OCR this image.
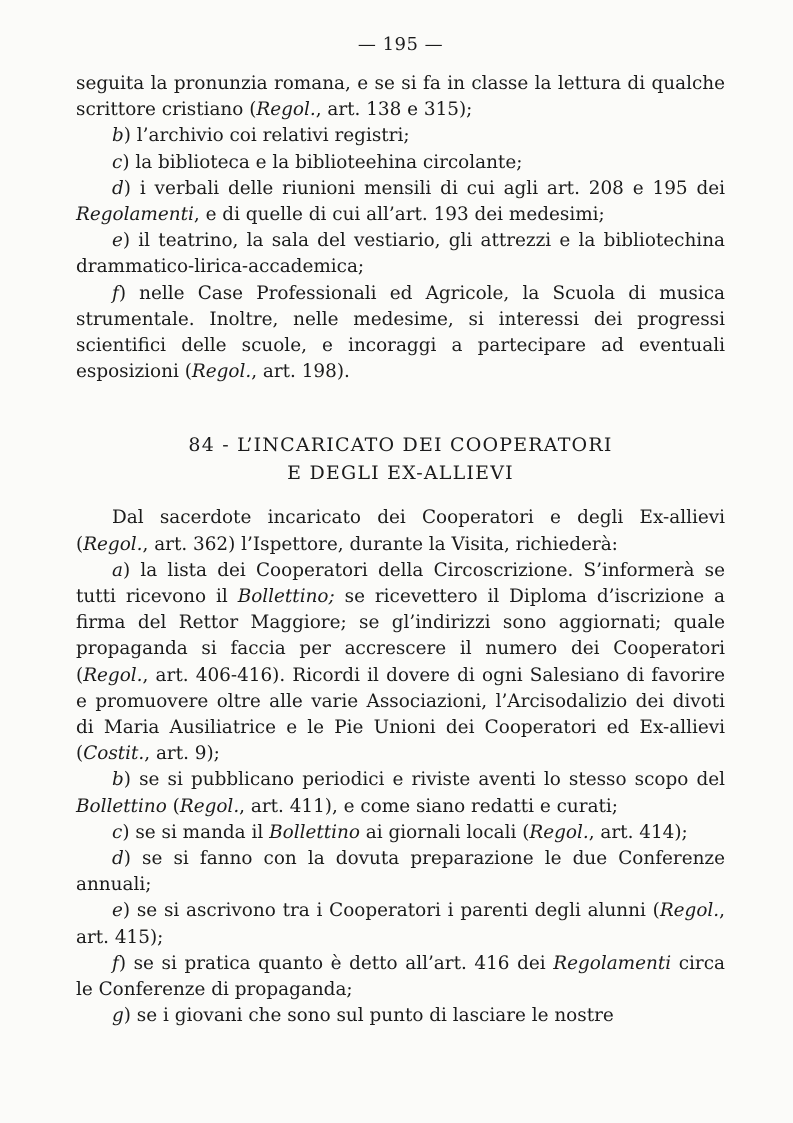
— 195 —

seguita la pronunzia romana, e se si fa in classe la lettura di qualche scrittore cristiano (Regol., art. 138 e 315);

b) l’archivio coi relativi registri;

c) la biblioteca e la biblioteehina circolante;

d) i verbali delle riunioni mensili di cui agli art. 208 e 195 dei Regolamenti, e di quelle di cui all’art. 193 dei medesimi;

e) il teatrino, la sala del vestiario, gli attrezzi e la bibliotechina drammatico-lirica-accademica;

f) nelle Case Professionali ed Agricole, la Scuola di musica strumentale. Inoltre, nelle medesime, si interessi dei progressi scientifici delle scuole, e incoraggi a partecipare ad eventuali esposizioni (Regol., art. 198).

84 - L’INCARICATO DEI COOPERATORI
E DEGLI EX-ALLIEVI

Dal sacerdote incaricato dei Cooperatori e degli Ex-allievi (Regol., art. 362) l’Ispettore, durante la Visita, richiederà:

a) la lista dei Cooperatori della Circoscrizione. S’informerà se tutti ricevono il Bollettino; se ricevettero il Diploma d’iscrizione a firma del Rettor Maggiore; se gl’indirizzi sono aggiornati; quale propaganda si faccia per accrescere il numero dei Cooperatori (Regol., art. 406-416). Ricordi il dovere di ogni Salesiano di favorire e promuovere oltre alle varie Associazioni, l’Arcisodalizio dei divoti di Maria Ausiliatrice e le Pie Unioni dei Cooperatori ed Ex-allievi (Costit., art. 9);

b) se si pubblicano periodici e riviste aventi lo stesso scopo del Bollettino (Regol., art. 411), e come siano redatti e curati;

c) se si manda il Bollettino ai giornali locali (Regol., art. 414);

d) se si fanno con la dovuta preparazione le due Conferenze annuali;

e) se si ascrivono tra i Cooperatori i parenti degli alunni (Regol., art. 415);

f) se si pratica quanto è detto all’art. 416 dei Regolamenti circa le Conferenze di propaganda;

g) se i giovani che sono sul punto di lasciare le nostre
